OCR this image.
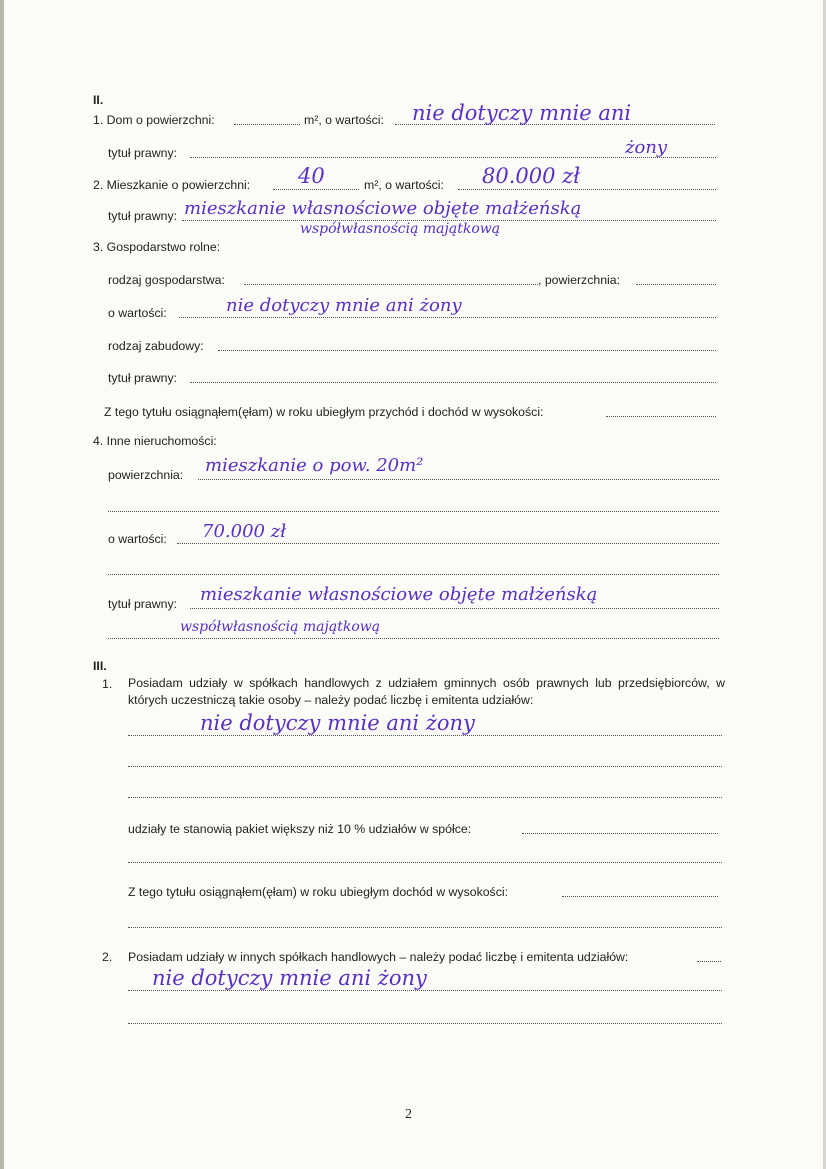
II.
1. Dom o powierzchni:	m², o wartości: nie dotyczy mnie ani
tytuł prawny:	żony
2. Mieszkanie o powierzchni: 40	m², o wartości: 80.000 zł
tytuł prawny: mieszkanie własnościowe objęte małżeńską
współwłasnością majątkową
3. Gospodarstwo rolne:
rodzaj gospodarstwa:	, powierzchnia:
o wartości:	nie dotyczy mnie ani żony
rodzaj zabudowy:
tytuł prawny:
Z tego tytułu osiągnąłem(ęłam) w roku ubiegłym przychód i dochód w wysokości:
4. Inne nieruchomości:
powierzchnia: mieszkanie o pow. 20m²
o wartości: 70.000 zł
tytuł prawny: mieszkanie własnościowe objęte małżeńską
współwłasnością majątkową
III.
1. Posiadam udziały w spółkach handlowych z udziałem gminnych osób prawnych lub przedsiębiorców, w których uczestniczą takie osoby – należy podać liczbę i emitenta udziałów:
nie dotyczy mnie ani żony
udziały te stanowią pakiet większy niż 10 % udziałów w spółce:
Z tego tytułu osiągnąłem(ęłam) w roku ubiegłym dochód w wysokości:
2. Posiadam udziały w innych spółkach handlowych – należy podać liczbę i emitenta udziałów:
nie dotyczy mnie ani żony
2
